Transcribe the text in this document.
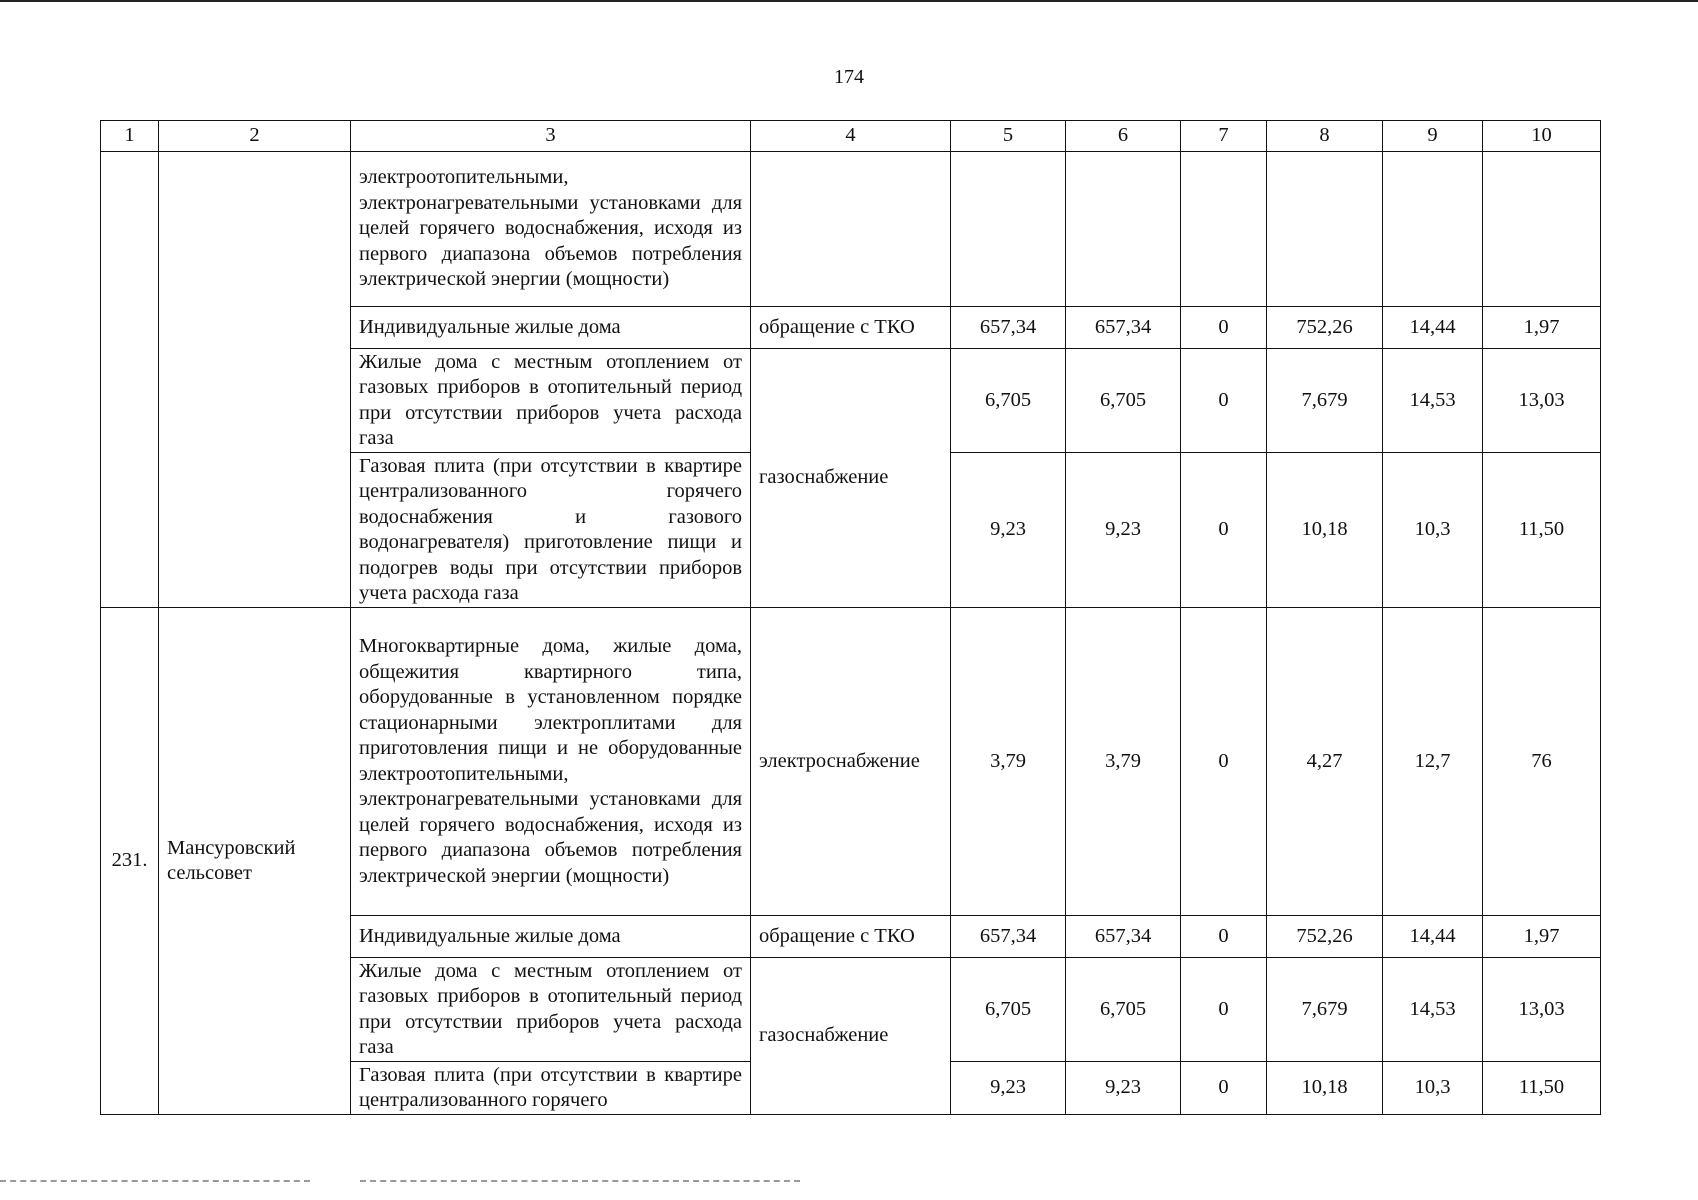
174
1	2	3	4	5	6	7	8	9	10
		электроотопительными, электронагревательными установками для целей горячего водоснабжения, исходя из первого диапазона объемов потребления электрической энергии (мощности)							
		Индивидуальные жилые дома	обращение с ТКО	657,34	657,34	0	752,26	14,44	1,97
		Жилые дома с местным отоплением от газовых приборов в отопительный период при отсутствии приборов учета расхода газа	газоснабжение	6,705	6,705	0	7,679	14,53	13,03
		Газовая плита (при отсутствии в квартире централизованного горячего водоснабжения и газового водонагревателя) приготовление пищи и подогрев воды при отсутствии приборов учета расхода газа		9,23	9,23	0	10,18	10,3	11,50
231.	Мансуровский сельсовет	Многоквартирные дома, жилые дома, общежития квартирного типа, оборудованные в установленном порядке стационарными электроплитами для приготовления пищи и не оборудованные электроотопительными, электронагревательными установками для целей горячего водоснабжения, исходя из первого диапазона объемов потребления электрической энергии (мощности)	электроснабжение	3,79	3,79	0	4,27	12,7	76
		Индивидуальные жилые дома	обращение с ТКО	657,34	657,34	0	752,26	14,44	1,97
		Жилые дома с местным отоплением от газовых приборов в отопительный период при отсутствии приборов учета расхода газа	газоснабжение	6,705	6,705	0	7,679	14,53	13,03
		Газовая плита (при отсутствии в квартире централизованного горячего		9,23	9,23	0	10,18	10,3	11,50
